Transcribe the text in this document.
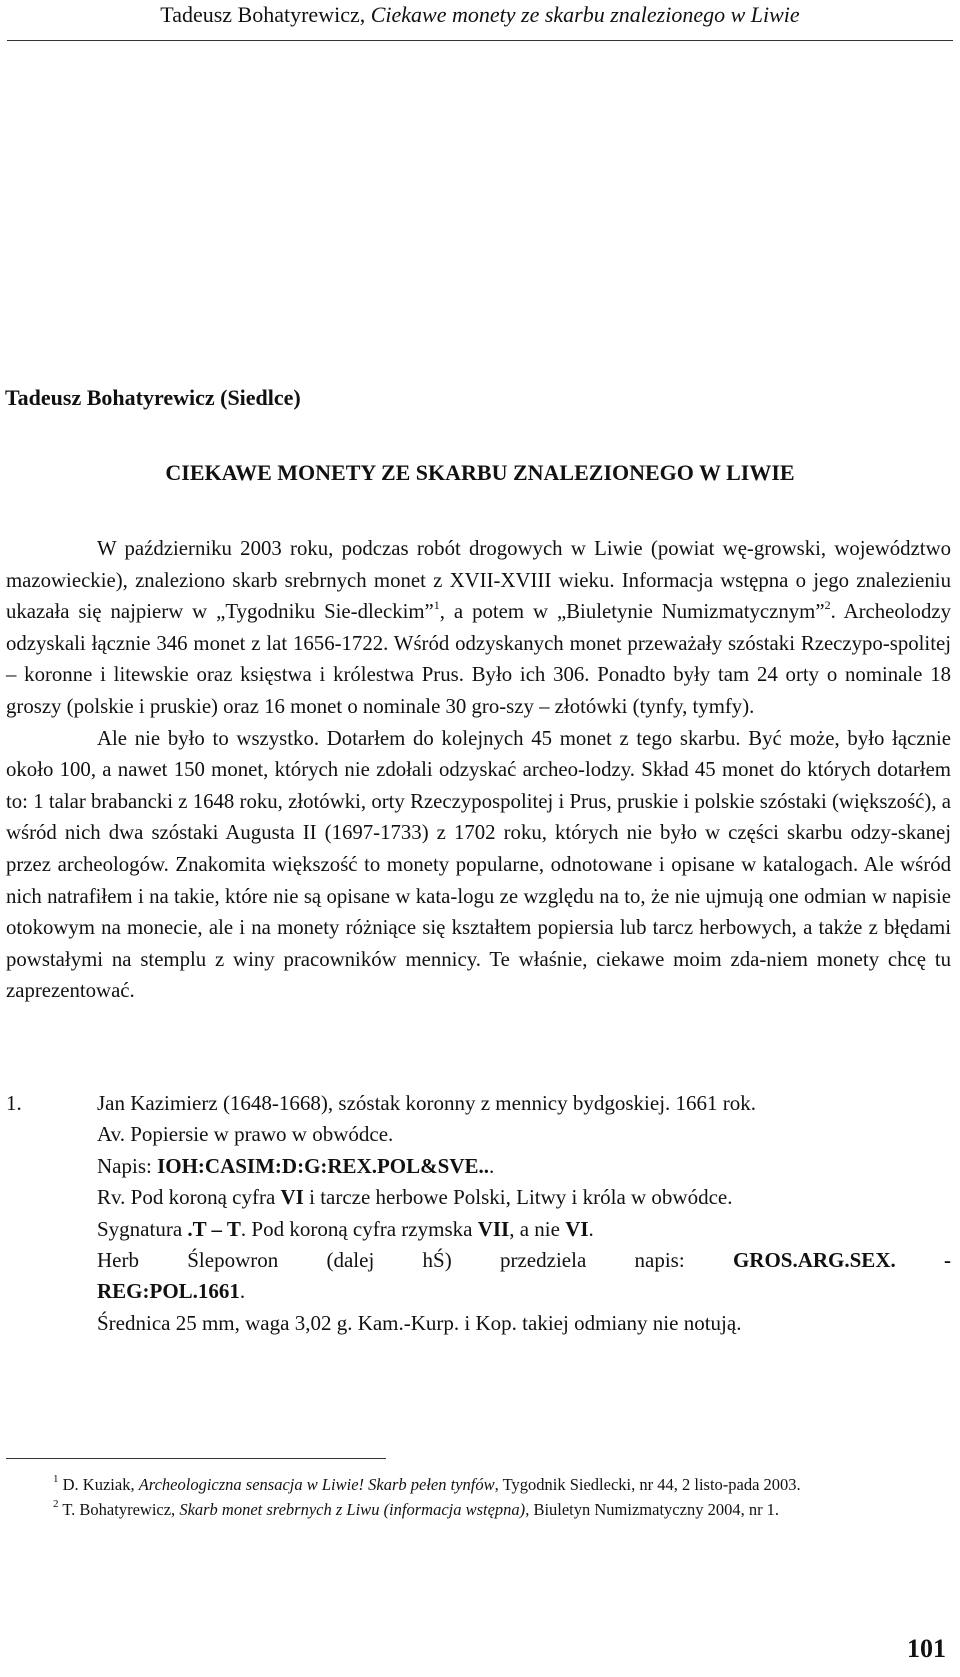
Tadeusz Bohatyrewicz, Ciekawe monety ze skarbu znalezionego w Liwie
Tadeusz Bohatyrewicz (Siedlce)
CIEKAWE MONETY ZE SKARBU ZNALEZIONEGO W LIWIE

W październiku 2003 roku, podczas robót drogowych w Liwie (powiat wę-growski, województwo mazowieckie), znaleziono skarb srebrnych monet z XVII-XVIII wieku. Informacja wstępna o jego znalezieniu ukazała się najpierw w „Tygodniku Sie-dleckim”$^1$, a potem w „Biuletynie Numizmatycznym”$^2$. Archeolodzy odzyskali łącznie 346 monet z lat 1656-1722. Wśród odzyskanych monet przeważały szóstaki Rzeczypo-spolitej – koronne i litewskie oraz księstwa i królestwa Prus. Było ich 306. Ponadto były tam 24 orty o nominale 18 groszy (polskie i pruskie) oraz 16 monet o nominale 30 gro-szy – złotówki (tynfy, tymfy).

Ale nie było to wszystko. Dotarłem do kolejnych 45 monet z tego skarbu. Być może, było łącznie około 100, a nawet 150 monet, których nie zdołali odzyskać archeo-lodzy. Skład 45 monet do których dotarłem to: 1 talar brabancki z 1648 roku, złotówki, orty Rzeczypospolitej i Prus, pruskie i polskie szóstaki (większość), a wśród nich dwa szóstaki Augusta II (1697-1733) z 1702 roku, których nie było w części skarbu odzy-skanej przez archeologów. Znakomita większość to monety popularne, odnotowane i opisane w katalogach. Ale wśród nich natrafiłem i na takie, które nie są opisane w kata-logu ze względu na to, że nie ujmują one odmian w napisie otokowym na monecie, ale i na monety różniące się kształtem popiersia lub tarcz herbowych, a także z błędami powstałymi na stemplu z winy pracowników mennicy. Te właśnie, ciekawe moim zda-niem monety chcę tu zaprezentować.

1.	Jan Kazimierz (1648-1668), szóstak koronny z mennicy bydgoskiej. 1661 rok.
Av. Popiersie w prawo w obwódce.
Napis: IOH:CASIM:D:G:REX.POL&SVE...
Rv. Pod koroną cyfra VI i tarcze herbowe Polski, Litwy i króla w obwódce.
Sygnatura .T – T. Pod koroną cyfra rzymska VII, a nie VI.
Herb Ślepowron (dalej hŚ) przedziela napis: GROS.ARG.SEX. -
REG:POL.1661.
Średnica 25 mm, waga 3,02 g. Kam.-Kurp. i Kop. takiej odmiany nie notują.

$^1$ D. Kuziak, Archeologiczna sensacja w Liwie! Skarb pełen tynfów, Tygodnik Siedlecki, nr 44, 2 listo-pada 2003.

$^2$ T. Bohatyrewicz, Skarb monet srebrnych z Liwu (informacja wstępna), Biuletyn Numizmatyczny 2004, nr 1.

101
